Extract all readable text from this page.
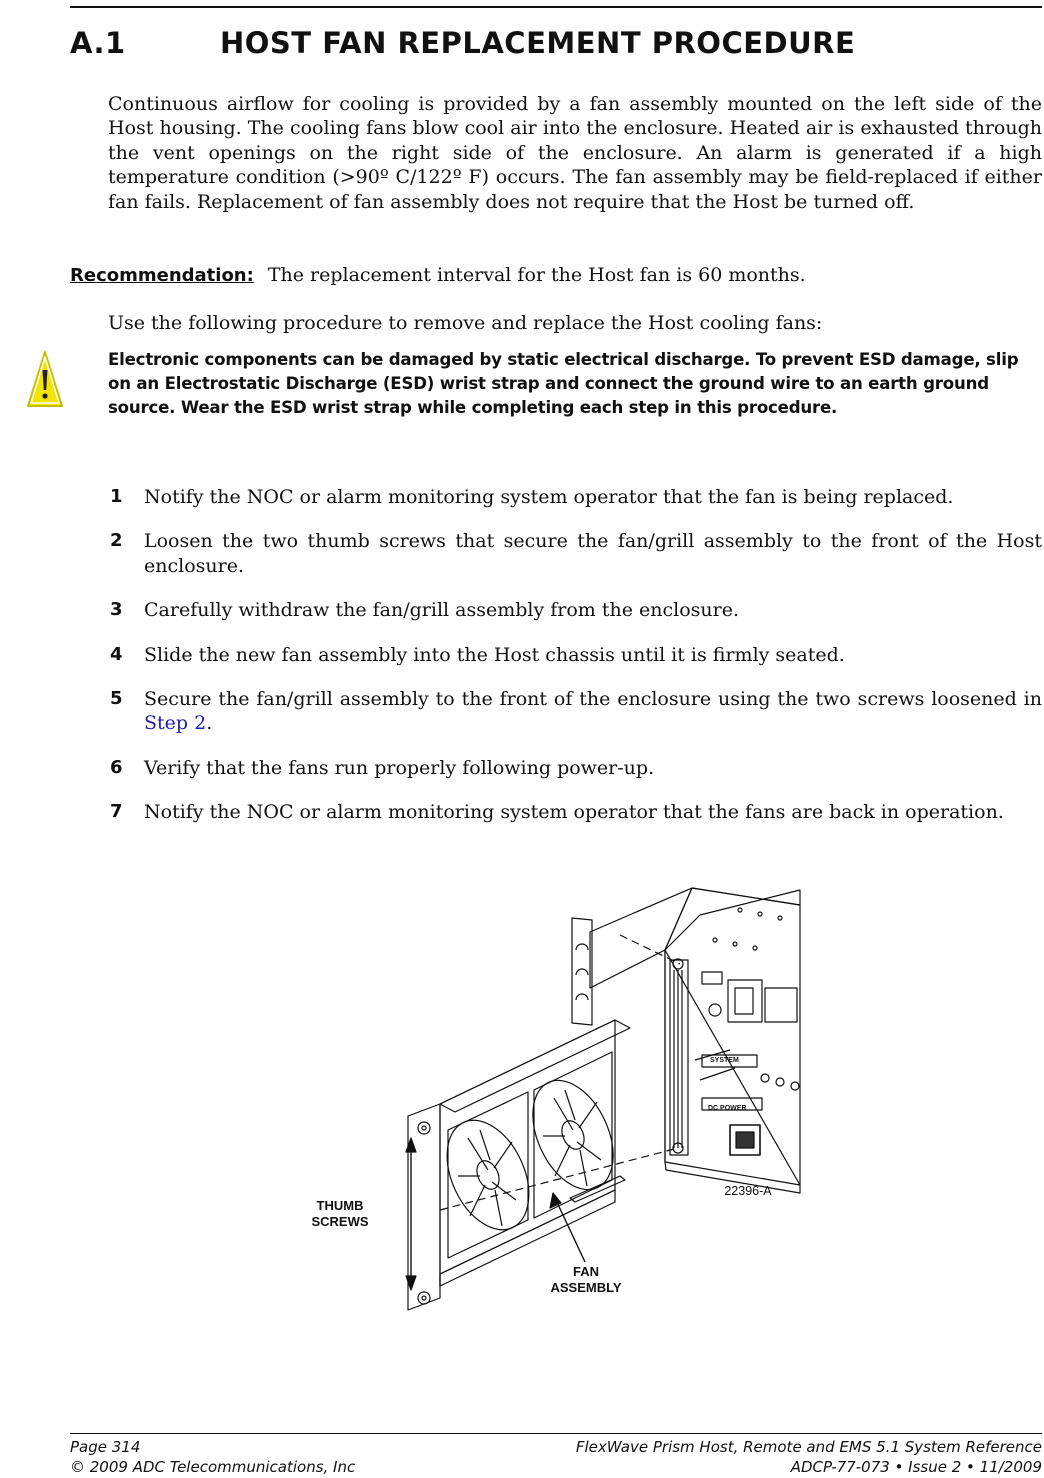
A.1	HOST FAN REPLACEMENT PROCEDURE
Continuous airflow for cooling is provided by a fan assembly mounted on the left side of the Host housing. The cooling fans blow cool air into the enclosure. Heated air is exhausted through the vent openings on the right side of the enclosure. An alarm is generated if a high temperature condition (>90º C/122º F) occurs. The fan assembly may be field-replaced if either fan fails. Replacement of fan assembly does not require that the Host be turned off.
Recommendation: The replacement interval for the Host fan is 60 months.
Use the following procedure to remove and replace the Host cooling fans:
Electronic components can be damaged by static electrical discharge. To prevent ESD damage, slip on an Electrostatic Discharge (ESD) wrist strap and connect the ground wire to an earth ground source. Wear the ESD wrist strap while completing each step in this procedure.
1 Notify the NOC or alarm monitoring system operator that the fan is being replaced.
2 Loosen the two thumb screws that secure the fan/grill assembly to the front of the Host enclosure.
3 Carefully withdraw the fan/grill assembly from the enclosure.
4 Slide the new fan assembly into the Host chassis until it is firmly seated.
5 Secure the fan/grill assembly to the front of the enclosure using the two screws loosened in Step 2.
6 Verify that the fans run properly following power-up.
7 Notify the NOC or alarm monitoring system operator that the fans are back in operation.
DC POWER
SYSTEM
THUMB
SCREWS
FAN
ASSEMBLY
22396-A
Page 314
© 2009 ADC Telecommunications, Inc
FlexWave Prism Host, Remote and EMS 5.1 System Reference
ADCP-77-073 • Issue 2 • 11/2009
